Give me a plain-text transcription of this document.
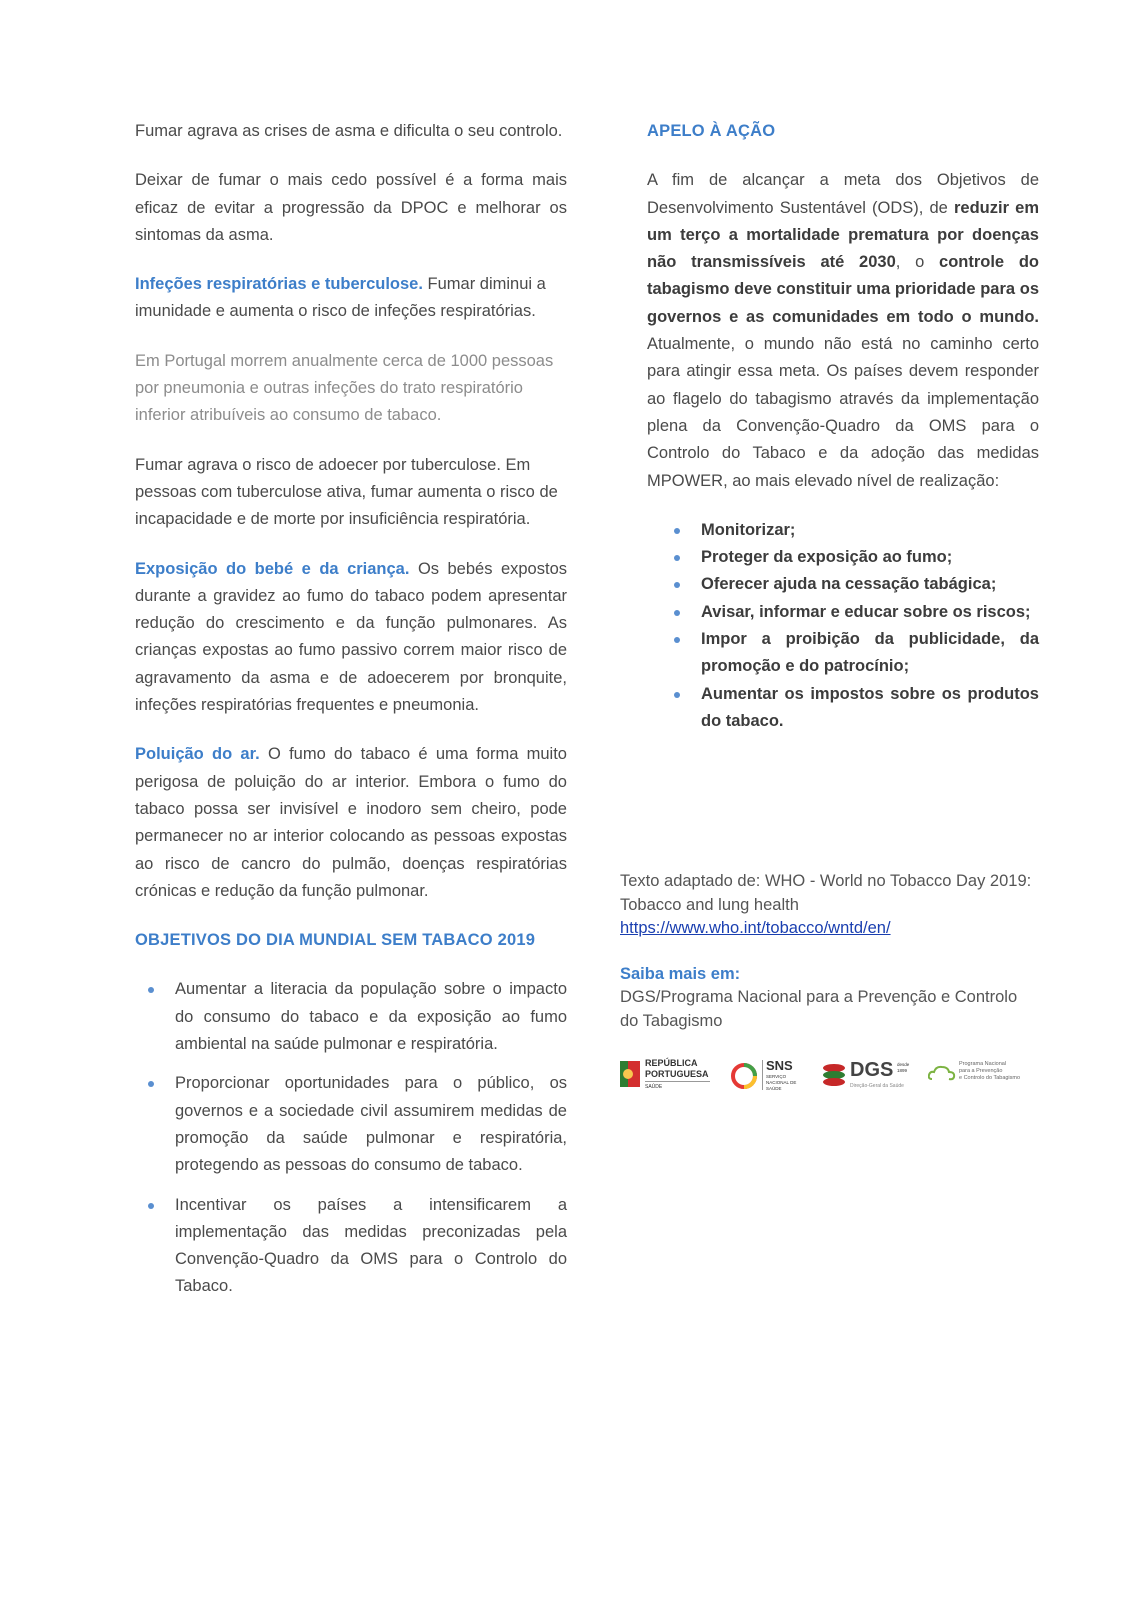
Fumar agrava as crises de asma e dificulta o seu controlo.

Deixar de fumar o mais cedo possível é a forma mais eficaz de evitar a progressão da DPOC e melhorar os sintomas da asma.

Infeções respiratórias e tuberculose. Fumar diminui a imunidade e aumenta o risco de infeções respiratórias.

Em Portugal morrem anualmente cerca de 1000 pessoas por pneumonia e outras infeções do trato respiratório inferior atribuíveis ao consumo de tabaco.

Fumar agrava o risco de adoecer por tuberculose. Em pessoas com tuberculose ativa, fumar aumenta o risco de incapacidade e de morte por insuficiência respiratória.

Exposição do bebé e da criança. Os bebés expostos durante a gravidez ao fumo do tabaco podem apresentar redução do crescimento e da função pulmonares. As crianças expostas ao fumo passivo correm maior risco de agravamento da asma e de adoecerem por bronquite, infeções respiratórias frequentes e pneumonia.

Poluição do ar. O fumo do tabaco é uma forma muito perigosa de poluição do ar interior. Embora o fumo do tabaco possa ser invisível e inodoro sem cheiro, pode permanecer no ar interior colocando as pessoas expostas ao risco de cancro do pulmão, doenças respiratórias crónicas e redução da função pulmonar.

OBJETIVOS DO DIA MUNDIAL SEM TABACO 2019
Aumentar a literacia da população sobre o impacto do consumo do tabaco e da exposição ao fumo ambiental na saúde pulmonar e respiratória.
Proporcionar oportunidades para o público, os governos e a sociedade civil assumirem medidas de promoção da saúde pulmonar e respiratória, protegendo as pessoas do consumo de tabaco.
Incentivar os países a intensificarem a implementação das medidas preconizadas pela Convenção-Quadro da OMS para o Controlo do Tabaco.
APELO À AÇÃO

A fim de alcançar a meta dos Objetivos de Desenvolvimento Sustentável (ODS), de reduzir em um terço a mortalidade prematura por doenças não transmissíveis até 2030, o controle do tabagismo deve constituir uma prioridade para os governos e as comunidades em todo o mundo. Atualmente, o mundo não está no caminho certo para atingir essa meta. Os países devem responder ao flagelo do tabagismo através da implementação plena da Convenção-Quadro da OMS para o Controlo do Tabaco e da adoção das medidas MPOWER, ao mais elevado nível de realização:

Monitorizar;
Proteger da exposição ao fumo;
Oferecer ajuda na cessação tabágica;
Avisar, informar e educar sobre os riscos;
Impor a proibição da publicidade, da promoção e do patrocínio;
Aumentar os impostos sobre os produtos do tabaco.
Texto adaptado de: WHO - World no Tobacco Day 2019: Tobacco and lung health
https://www.who.int/tobacco/wntd/en/
Saiba mais em:
DGS/Programa Nacional para a Prevenção e Controlo do Tabagismo
REPÚBLICA
PORTUGUESA
SAÚDE
SNS
SERVIÇO NACIONAL DE SAÚDE
DGS desde 1899
Direção-Geral da Saúde
Programa Nacional
para a Prevenção
e Controlo do Tabagismo
